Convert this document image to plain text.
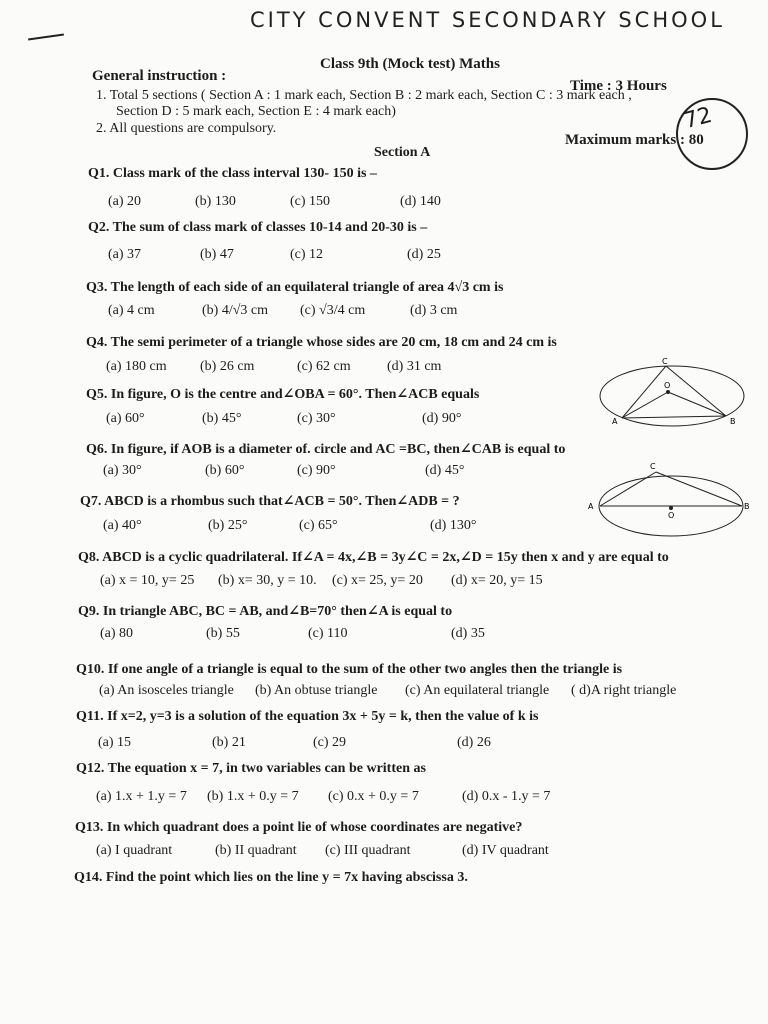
CITY CONVENT SECONDARY SCHOOL
Class 9th (Mock test) Maths
General instruction :
Time : 3 Hours
1. Total 5 sections ( Section A : 1 mark each, Section B : 2 mark each, Section C : 3 mark each ,
Section D : 5 mark each, Section E : 4 mark each)
2. All questions are compulsory.
Maximum marks : 80
72
Section A
Q1. Class mark of the class interval 130- 150 is –
(a) 20	(b) 130	(c) 150	(d) 140
Q2. The sum of class mark of classes 10-14 and 20-30 is –
(a) 37	(b) 47	(c) 12	(d) 25
Q3. The length of each side of an equilateral triangle of area 4√3 cm is
(a) 4 cm	(b) 4/√3 cm (c) √3/4 cm	(d) 3 cm
Q4. The semi perimeter of a triangle whose sides are 20 cm, 18 cm and 24 cm is
(a) 180 cm (b) 26 cm	(c) 62 cm	(d) 31 cm
Q5. In figure, O is the centre and∠OBA = 60°. Then∠ACB equals
(a) 60°	(b) 45°	(c) 30°	(d) 90°
Q6. In figure, if AOB is a diameter of. circle and AC =BC, then∠CAB is equal to
(a) 30°	(b) 60°	(c) 90°	(d) 45°
Q7. ABCD is a rhombus such that∠ACB = 50°. Then∠ADB = ?
(a) 40°	(b) 25°	(c) 65°	(d) 130°
Q8. ABCD is a cyclic quadrilateral. If∠A = 4x,∠B = 3y∠C = 2x,∠D = 15y then x and y are equal to
(a) x = 10, y= 25 (b) x= 30, y = 10. (c) x= 25, y= 20 (d) x= 20, y= 15
Q9. In triangle ABC, BC = AB, and∠B=70° then∠A is equal to
(a) 80	(b) 55	(c) 110	(d) 35
Q10. If one angle of a triangle is equal to the sum of the other two angles then the triangle is
(a) An isosceles triangle (b) An obtuse triangle (c) An equilateral triangle ( d)A right triangle
Q11. If x=2, y=3 is a solution of the equation 3x + 5y = k, then the value of k is
(a) 15	(b) 21	(c) 29	(d) 26
Q12. The equation x = 7, in two variables can be written as
(a) 1.x + 1.y = 7 (b) 1.x + 0.y = 7 (c) 0.x + 0.y = 7	(d) 0.x - 1.y = 7
Q13. In which quadrant does a point lie of whose coordinates are negative?
(a) I quadrant	(b) II quadrant (c) III quadrant	(d) IV quadrant
Q14. Find the point which lies on the line y = 7x having abscissa 3.
C
O
A	B
C
A
O
B
